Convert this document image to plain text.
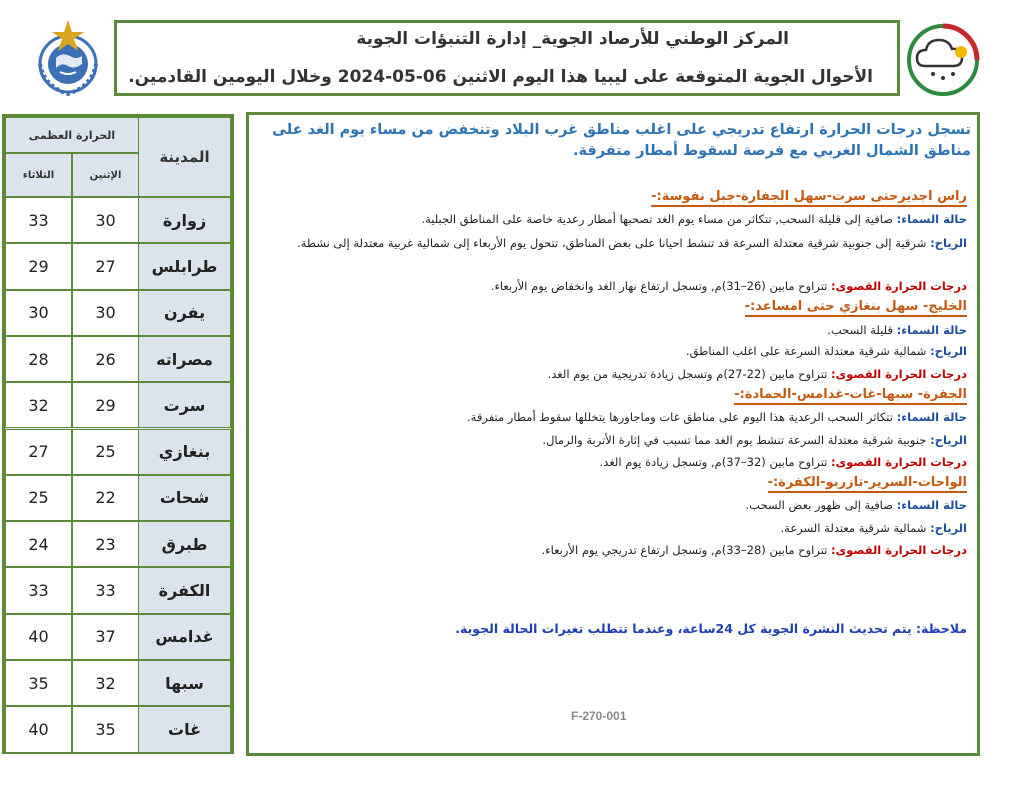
المركز الوطني للأرصاد الجوية_ إدارة التنبؤات الجوية
الأحوال الجوية المتوقعة على ليبيا هذا اليوم الاثنين 06-05-2024 وخلال اليومين القادمين.
المدينة
الحرارة العظمى
الإثنين
الثلاثاء
زوارة
30
33
طرابلس
27
29
يفرن
30
30
مصراته
26
28
سرت
29
32
بنغازي
25
27
شحات
22
25
طبرق
23
24
الكفرة
33
33
غدامس
37
40
سبها
32
35
غات
35
40
تسجل درجات الحرارة ارتفاع تدريجي على اغلب مناطق غرب البلاد وتنخفض من مساء يوم الغد على مناطق الشمال الغربي مع فرصة لسقوط أمطار متفرقة.
راس اجديرحتى سرت-سهل الجفارة-جبل نفوسة:-
حالة السماء: صافية إلى قليلة السحب, تتكاثر من مساء يوم الغد تصحبها أمطار رعدية خاصة على المناطق الجبلية.
الرياح: شرقية إلى جنوبية شرقية معتدلة السرعة قد تنشط احيانا على بعض المناطق، تتحول يوم الأربعاء إلى شمالية غربية معتدلة إلى نشطة.
درجات الحرارة القصوى: تتراوح مابين (26–31)م, وتسجل ارتفاع نهار الغد وانخفاض يوم الأربعاء.
الخليج- سهل بنغازي حتى امساعد:-
حالة السماء: قليلة السحب.
الرياح: شمالية شرقية معتدلة السرعة على اغلب المناطق.
درجات الحرارة القصوى: تتراوح مابين (22-27)م وتسجل زيادة تدريجية من يوم الغد.
الجفرة- سبها-غات-غدامس-الحمادة:-
حالة السماء: تتكاثر السحب الرعدية هذا اليوم على مناطق غات وماجاورها يتخللها سقوط أمطار متفرقة.
الرياح: جنوبية شرقية معتدلة السرعة تنشط يوم الغد مما تسبب في إثارة الأتربة والرمال.
درجات الحرارة القصوى: تتراوح مابين (32–37)م, وتسجل زيادة يوم الغد.
الواحات-السرير-تازربو-الكفرة:-
حالة السماء: صافية إلى ظهور بعض السحب.
الرياح: شمالية شرقية معتدلة السرعة.
درجات الحرارة القصوى: تتراوح مابين (28–33)م, وتسجل ارتفاع تدريجي يوم الأربعاء.
ملاحظة: يتم تحديث النشرة الجوية كل 24ساعة، وعندما تتطلب تغيرات الحالة الجوية.
F-270-001
